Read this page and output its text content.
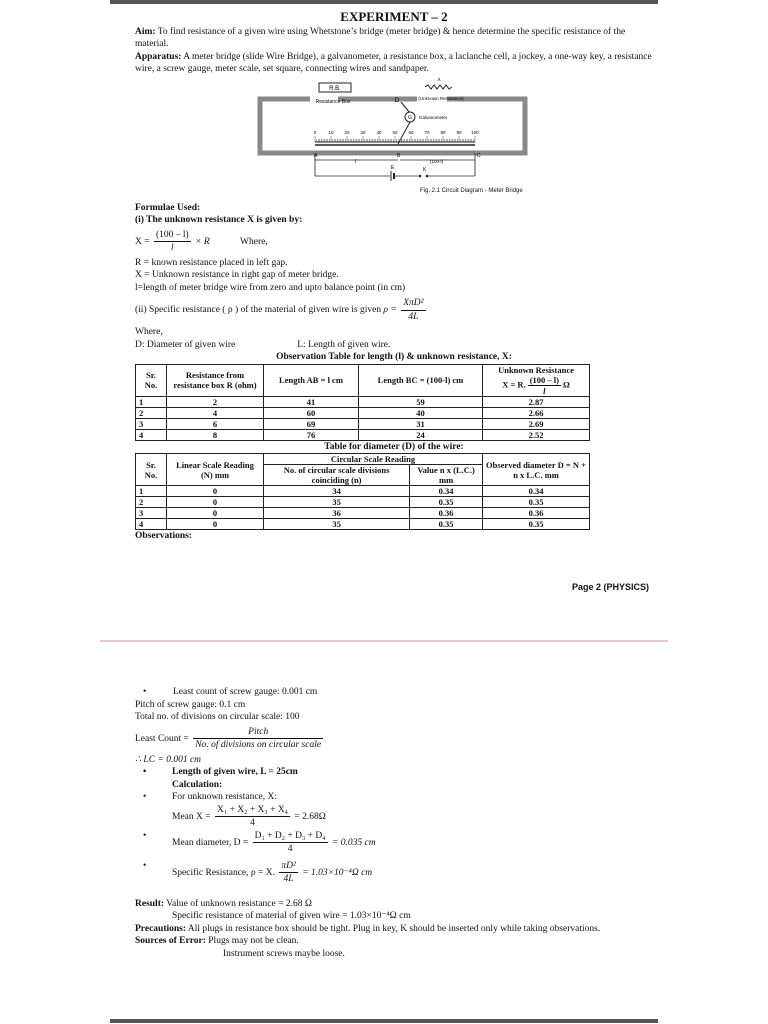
EXPERIMENT – 2

Aim: To find resistance of a given wire using Whetstone’s bridge (meter bridge) & hence determine the specific resistance of the material.

Apparatus: A meter bridge (slide Wire Bridge), a galvanometer, a resistance box, a laclanche cell, a jockey, a one-way key, a resistance wire, a screw gauge, meter scale, set square, connecting wires and sandpaper.

R.B.
Resistance Box
X
(Unknown Resistance)
D
G Galvanometer
0	10 20 30 40 50 60 70 80 90 100
A	B	C
l	(100-l)
E	K
Fig. 2.1 Circuit Diagram - Meter Bridge
Formulae Used:
(i) The unknown resistance X is given by:
$X = \frac{(100 - l)}{l} \times R$	Where,
R = known resistance placed in left gap.
X = Unknown resistance in right gap of meter bridge.
l=length of meter bridge wire from zero and upto balance point (in cm)
(ii) Specific resistance ( ρ ) of the material of given wire is given $\rho = \frac{\text{XπD²}}{4L}$
Where,
D: Diameter of given wire	L: Length of given wire.
Observation Table for length (l) & unknown resistance, X:
Sr. No.	Resistance from resistance box R (ohm)	Length AB = l cm	Length BC = (100-l) cm	Unknown Resistance
X = R. $\frac{(100 - l)}{l}$ Ω

1	2	41	59	2.87
2	4	60	40	2.66
3	6	69	31	2.69
4	8	76	24	2.52
Table for diameter (D) of the wire:
Sr. No.	Linear Scale Reading (N) mm	Circular Scale Reading		Observed diameter D = N + n x L.C. mm
		No. of circular scale divisions coinciding (n)	Value n x (L.C.) mm	
1	0	34	0.34	0.34
2	0	35	0.35	0.35
3	0	36	0.36	0.36
4	0	35	0.35	0.35
Observations:
Page 2 (PHYSICS)
• Least count of screw gauge: 0.001 cm
Pitch of screw gauge: 0.1 cm
Total no. of divisions on circular scale: 100
Least Count = $\frac{\text{Pitch}}{\text{No. of divisions on circular scale}}$
∴ LC = 0.001 cm
• Length of given wire, L = 25cm
Calculation:
• For unknown resistance, X:
Mean $X = \frac{\text{X₁ + X₂ + X₃ + X₄}}{4} = 2.68\Omega$
• Mean diameter, $D = \frac{\text{D₁ + D₂ + D₃ + D₄}}{4} = 0.035$ cm
• Specific Resistance, ρ = X. $\frac{\text{πD²}}{4L} = 1.03\times 10^{-4}\Omega$ cm
Result: Value of unknown resistance = 2.68 Ω
Specific resistance of material of given wire = 1.03×10⁻⁴Ω cm
Precautions: All plugs in resistance box should be tight. Plug in key, K should be inserted only while taking observations.
Sources of Error: Plugs may not be clean.
Instrument screws maybe loose.
